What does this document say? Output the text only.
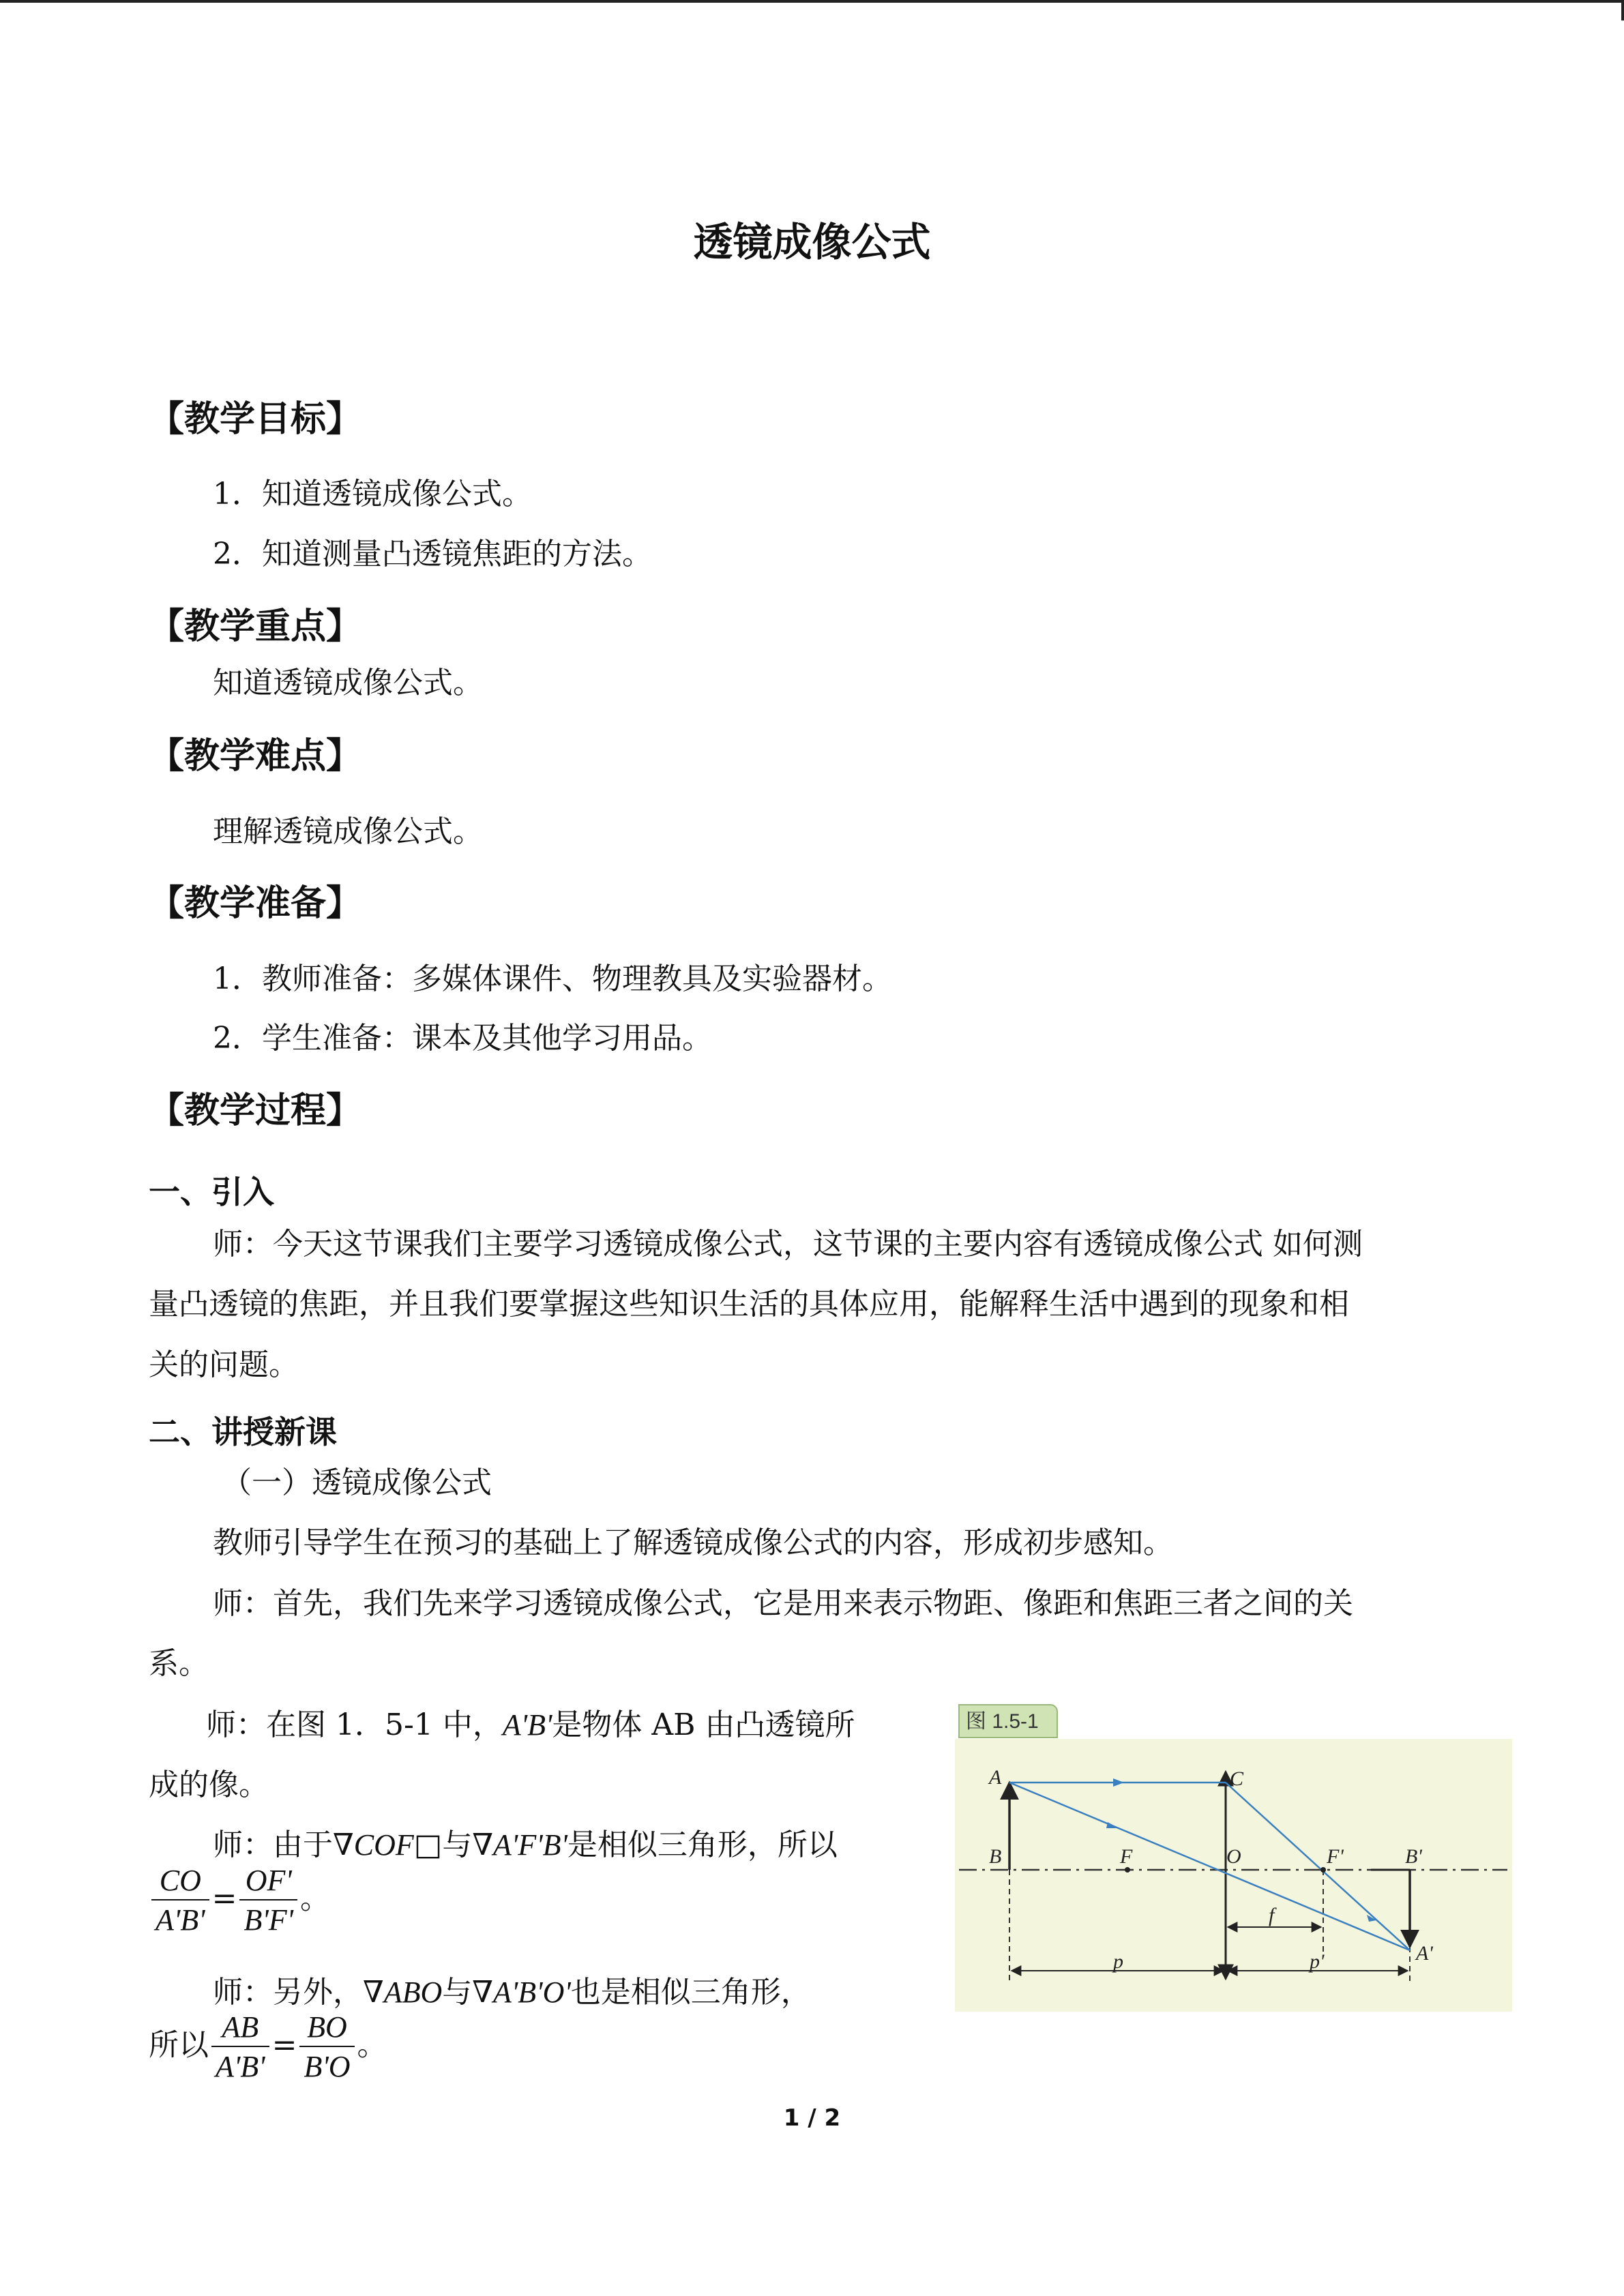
透镜成像公式
【教学目标】
1．知道透镜成像公式。
2．知道测量凸透镜焦距的方法。
【教学重点】
知道透镜成像公式。
【教学难点】
理解透镜成像公式。
【教学准备】
1．教师准备：多媒体课件、物理教具及实验器材。
2．学生准备：课本及其他学习用品。
【教学过程】
一、引入
师：今天这节课我们主要学习透镜成像公式，这节课的主要内容有透镜成像公式 如何测
量凸透镜的焦距，并且我们要掌握这些知识生活的具体应用，能解释生活中遇到的现象和相
关的问题。
二、讲授新课
（一）透镜成像公式
教师引导学生在预习的基础上了解透镜成像公式的内容，形成初步感知。
师：首先，我们先来学习透镜成像公式，它是用来表示物距、像距和焦距三者之间的关
系。
师：在图 1．5-1 中，A'B'是物体 AB 由凸透镜所
成的像。
师：由于∇COF□与∇A'F'B'是相似三角形，所以
$\frac{CO}{A'B'} = \frac{OF'}{B'F'}$ 。
师：另外，∇ABO与∇A'B'O'也是相似三角形，
所以 $\frac{AB}{A'B'} = \frac{BO}{B'O}$ 。
图 1.5-1
A
B
C
F	O	F'	B'
A'
f
p	p'
1 / 2
